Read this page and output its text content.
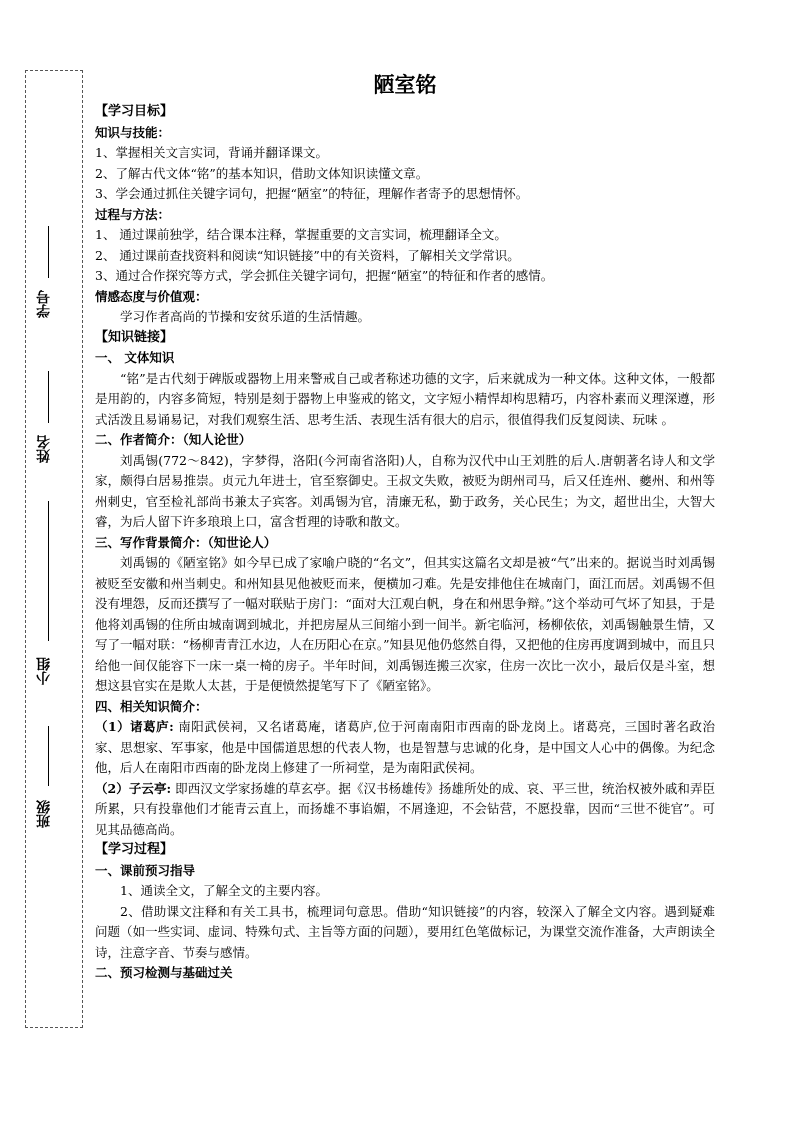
学号
姓名
小组
班级
陋室铭

【学习目标】

知识与技能：

1、掌握相关文言实词，背诵并翻译课文。

2、了解古代文体“铭”的基本知识，借助文体知识读懂文章。

3、学会通过抓住关键字词句，把握“陋室”的特征，理解作者寄予的思想情怀。

过程与方法：

1、 通过课前独学，结合课本注释，掌握重要的文言实词，梳理翻译全文。

2、 通过课前查找资料和阅读“知识链接”中的有关资料，了解相关文学常识。

3、通过合作探究等方式，学会抓住关键字词句，把握“陋室”的特征和作者的感情。

情感态度与价值观：

学习作者高尚的节操和安贫乐道的生活情趣。

【知识链接】

一、 文体知识

“铭”是古代刻于碑版或器物上用来警戒自己或者称述功德的文字，后来就成为一种文体。这种文体，一般都是用韵的，内容多简短，特别是刻于器物上申鉴戒的铭文，文字短小精悍却构思精巧，内容朴素而义理深遵，形式活泼且易诵易记，对我们观察生活、思考生活、表现生活有很大的启示，很值得我们反复阅读、玩味 。

二、作者简介：（知人论世）

刘禹锡(772～842)，字梦得，洛阳(今河南省洛阳)人，自称为汉代中山王刘胜的后人.唐朝著名诗人和文学家，颇得白居易推崇。贞元九年进士，官至察御史。王叔文失败，被贬为朗州司马，后又任连州、夔州、和州等州刺史，官至检礼部尚书兼太子宾客。刘禹锡为官，清廉无私，勤于政务，关心民生；为文，超世出尘，大智大睿，为后人留下许多琅琅上口，富含哲理的诗歌和散文。

三、写作背景简介：（知世论人）

刘禹锡的《陋室铭》如今早已成了家喻户晓的“名文”，但其实这篇名文却是被“气”出来的。据说当时刘禹锡被贬至安徽和州当刺史。和州知县见他被贬而来，便横加刁难。先是安排他住在城南门，面江而居。刘禹锡不但没有埋怨，反而还撰写了一幅对联贴于房门：“面对大江观白帆，身在和州思争辩。”这个举动可气坏了知县，于是他将刘禹锡的住所由城南调到城北，并把房屋从三间缩小到一间半。新宅临河，杨柳依依，刘禹锡触景生情，又写了一幅对联：“杨柳青青江水边，人在历阳心在京。”知县见他仍悠然自得，又把他的住房再度调到城中，而且只给他一间仅能容下一床一桌一椅的房子。半年时间，刘禹锡连搬三次家，住房一次比一次小，最后仅是斗室，想想这县官实在是欺人太甚，于是便愤然提笔写下了《陋室铭》。

四、相关知识简介：

（1）诸葛庐: 南阳武侯祠，又名诸葛庵，诸葛庐,位于河南南阳市西南的卧龙岗上。诸葛亮，三国时著名政治家、思想家、军事家，他是中国儒道思想的代表人物，也是智慧与忠诚的化身，是中国文人心中的偶像。为纪念他，后人在南阳市西南的卧龙岗上修建了一所祠堂，是为南阳武侯祠。

（2）子云亭: 即西汉文学家扬雄的草玄亭。据《汉书杨雄传》扬雄所处的成、哀、平三世，统治权被外戚和弄臣所累，只有投靠他们才能青云直上，而扬雄不事谄媚，不屑逢迎，不会钻营，不愿投靠，因而“三世不徙官”。可见其品德高尚。

【学习过程】

一、课前预习指导

1、通读全文，了解全文的主要内容。

2、借助课文注释和有关工具书，梳理词句意思。借助“知识链接”的内容，较深入了解全文内容。遇到疑难问题（如一些实词、虚词、特殊句式、主旨等方面的问题），要用红色笔做标记，为课堂交流作准备，大声朗读全诗，注意字音、节奏与感情。

二、预习检测与基础过关
